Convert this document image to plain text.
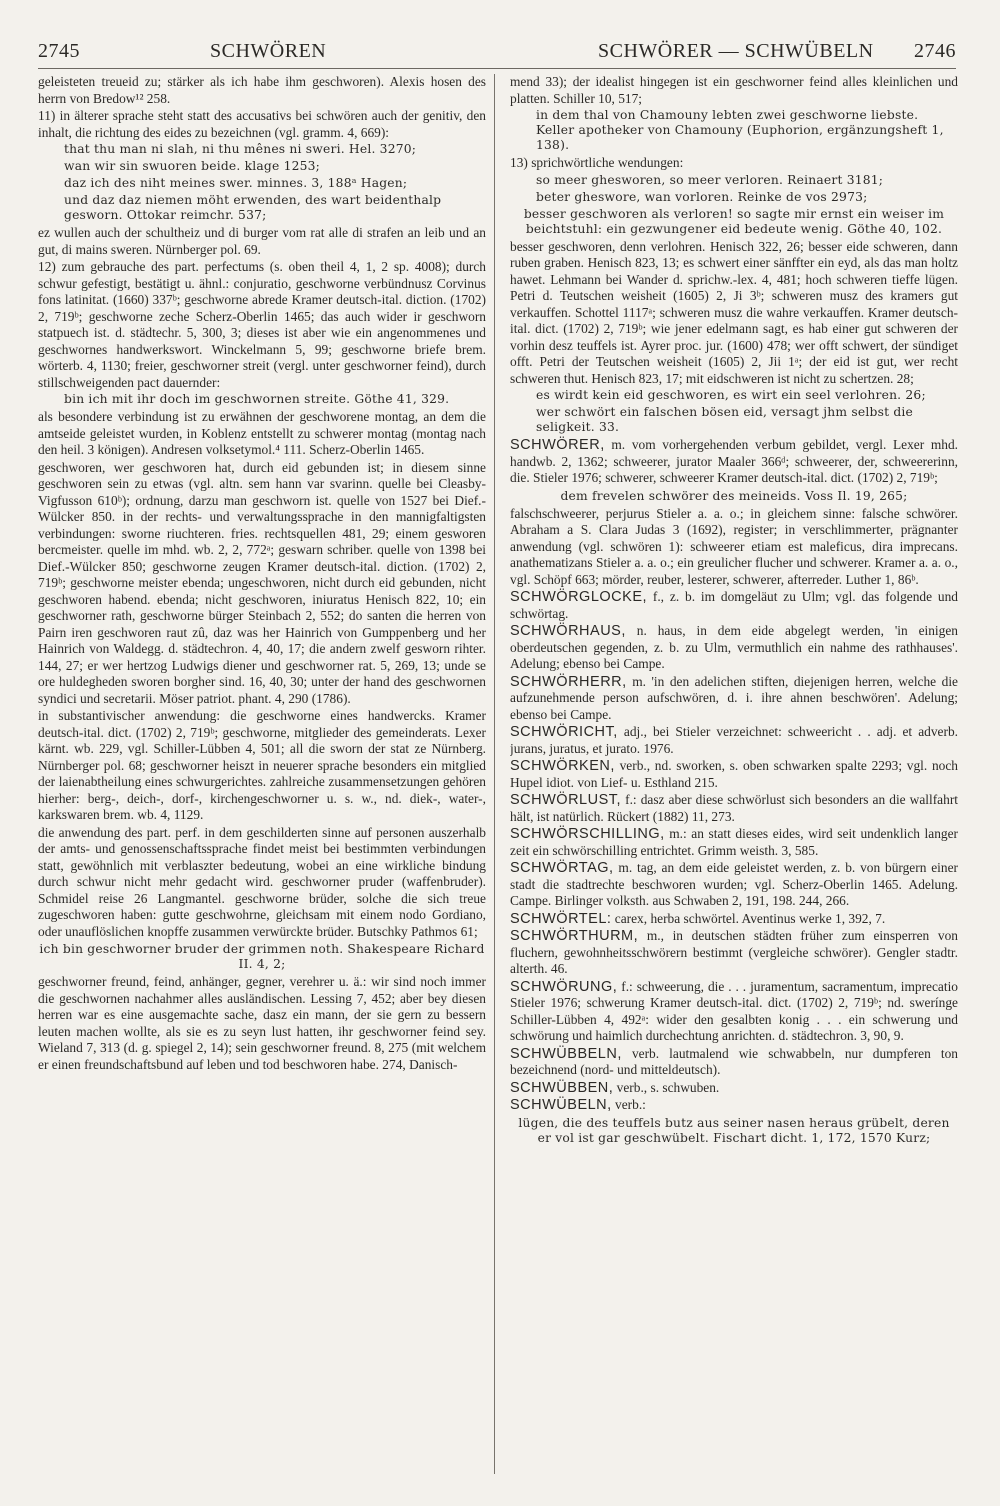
2745	SCHWÖREN	SCHWÖRER — SCHWÜBELN 2746

geleisteten treueid zu; stärker als ich habe ihm geschworen). Alexis hosen des herrn von Bredow¹² 258.

11) in älterer sprache steht statt des accusativs bei schwören auch der genitiv, den inhalt, die richtung des eides zu bezeichnen (vgl. gramm. 4, 669):

that thu man ni slah, ni thu mênes ni sweri. Hel. 3270;

wan wir sin swuoren beide. klage 1253;

daz ich des niht meines swer. minnes. 3, 188ᵃ Hagen;

und daz daz niemen möht erwenden, des wart beidenthalp gesworn. Ottokar reimchr. 537;

ez wullen auch der schultheiz und di burger vom rat alle di strafen an leib und an gut, di mains sweren. Nürnberger pol. 69.

12) zum gebrauche des part. perfectums (s. oben theil 4, 1, 2 sp. 4008); durch schwur gefestigt, bestätigt u. ähnl.: conjuratio, geschworne verbündnusz Corvinus fons latinitat. (1660) 337ᵇ; geschworne abrede Kramer deutsch-ital. diction. (1702) 2, 719ᵇ; geschworne zeche Scherz-Oberlin 1465; das auch wider ir geschworn statpuech ist. d. städtechr. 5, 300, 3; dieses ist aber wie ein angenommenes und geschwornes handwerkswort. Winckelmann 5, 99; geschworne briefe brem. wörterb. 4, 1130; freier, geschworner streit (vergl. unter geschworner feind), durch stillschweigenden pact dauernder:

bin ich mit ihr doch im geschwornen streite. Göthe 41, 329.

als besondere verbindung ist zu erwähnen der geschworene montag, an dem die amtseide geleistet wurden, in Koblenz entstellt zu schwerer montag (montag nach den heil. 3 königen). Andresen volksetymol.⁴ 111. Scherz-Oberlin 1465.

geschworen, wer geschworen hat, durch eid gebunden ist; in diesem sinne geschworen sein zu etwas (vgl. altn. sem hann var svarinn. quelle bei Cleasby-Vigfusson 610ᵇ); ordnung, darzu man geschworn ist. quelle von 1527 bei Dief.-Wülcker 850. in der rechts- und verwaltungssprache in den mannigfaltigsten verbindungen: sworne riuchteren. fries. rechtsquellen 481, 29; einem gesworen bercmeister. quelle im mhd. wb. 2, 2, 772ᵃ; geswarn schriber. quelle von 1398 bei Dief.-Wülcker 850; geschworne zeugen Kramer deutsch-ital. diction. (1702) 2, 719ᵇ; geschworne meister ebenda; ungeschworen, nicht durch eid gebunden, nicht geschworen habend. ebenda; nicht geschworen, iniuratus Henisch 822, 10; ein geschworner rath, geschworne bürger Steinbach 2, 552; do santen die herren von Pairn iren geschworen raut zû, daz was her Hainrich von Gumppenberg und her Hainrich von Waldegg. d. städtechron. 4, 40, 17; die andern zwelf gesworn rihter. 144, 27; er wer hertzog Ludwigs diener und geschworner rat. 5, 269, 13; unde se ore huldegheden sworen borgher sind. 16, 40, 30; unter der hand des geschwornen syndici und secretarii. Möser patriot. phant. 4, 290 (1786).

in substantivischer anwendung: die geschworne eines handwercks. Kramer deutsch-ital. dict. (1702) 2, 719ᵇ; geschworne, mitglieder des gemeinderats. Lexer kärnt. wb. 229, vgl. Schiller-Lübben 4, 501; all die sworn der stat ze Nürnberg. Nürnberger pol. 68; geschworner heiszt in neuerer sprache besonders ein mitglied der laienabtheilung eines schwurgerichtes. zahlreiche zusammensetzungen gehören hierher: berg-, deich-, dorf-, kirchengeschworner u. s. w., nd. diek-, water-, karkswaren brem. wb. 4, 1129.

die anwendung des part. perf. in dem geschilderten sinne auf personen auszerhalb der amts- und genossenschaftssprache findet meist bei bestimmten verbindungen statt, gewöhnlich mit verblaszter bedeutung, wobei an eine wirkliche bindung durch schwur nicht mehr gedacht wird. geschworner pruder (waffenbruder). Schmidel reise 26 Langmantel. geschworne brüder, solche die sich treue zugeschworen haben: gutte geschwohrne, gleichsam mit einem nodo Gordiano, oder unauflöslichen knopffe zusammen verwürckte brüder. Butschky Pathmos 61;

ich bin geschworner bruder der grimmen noth. Shakespeare Richard II. 4, 2;

geschworner freund, feind, anhänger, gegner, verehrer u. ä.: wir sind noch immer die geschwornen nachahmer alles ausländischen. Lessing 7, 452; aber bey diesen herren war es eine ausgemachte sache, dasz ein mann, der sie gern zu bessern leuten machen wollte, als sie es zu seyn lust hatten, ihr geschworner feind sey. Wieland 7, 313 (d. g. spiegel 2, 14); sein geschworner freund. 8, 275 (mit welchem er einen freundschaftsbund auf leben und tod beschworen habe. 274, Danisch-

mend 33); der idealist hingegen ist ein geschworner feind alles kleinlichen und platten. Schiller 10, 517;

in dem thal von Chamouny lebten zwei geschworne liebste. Keller apotheker von Chamouny (Euphorion, ergänzungsheft 1, 138).

13) sprichwörtliche wendungen:

so meer ghesworen, so meer verloren. Reinaert 3181;

beter gheswore, wan vorloren. Reinke de vos 2973;

besser geschworen als verloren! so sagte mir ernst ein weiser im beichtstuhl: ein gezwungener eid bedeute wenig. Göthe 40, 102.

besser geschworen, denn verlohren. Henisch 322, 26; besser eide schweren, dann ruben graben. Henisch 823, 13; es schwert einer sänffter ein eyd, als das man holtz hawet. Lehmann bei Wander d. sprichw.-lex. 4, 481; hoch schweren tieffe lügen. Petri d. Teutschen weisheit (1605) 2, Ji 3ᵇ; schweren musz des kramers gut verkauffen. Schottel 1117ᵃ; schweren musz die wahre verkauffen. Kramer deutsch-ital. dict. (1702) 2, 719ᵇ; wie jener edelmann sagt, es hab einer gut schweren der vorhin desz teuffels ist. Ayrer proc. jur. (1600) 478; wer offt schwert, der sündiget offt. Petri der Teutschen weisheit (1605) 2, Jii 1ᵃ; der eid ist gut, wer recht schweren thut. Henisch 823, 17; mit eidschweren ist nicht zu schertzen. 28;

es wirdt kein eid geschworen, es wirt ein seel verlohren. 26;

wer schwört ein falschen bösen eid, versagt jhm selbst die seligkeit. 33.

SCHWÖRER, m. vom vorhergehenden verbum gebildet, vergl. Lexer mhd. handwb. 2, 1362; schweerer, jurator Maaler 366ᵈ; schweerer, der, schweererinn, die. Stieler 1976; schwerer, schweerer Kramer deutsch-ital. dict. (1702) 2, 719ᵇ;

dem frevelen schwörer des meineids. Voss Il. 19, 265;

falschschweerer, perjurus Stieler a. a. o.; in gleichem sinne: falsche schwörer. Abraham a S. Clara Judas 3 (1692), register; in verschlimmerter, prägnanter anwendung (vgl. schwören 1): schweerer etiam est maleficus, dira imprecans. anathematizans Stieler a. a. o.; ein greulicher flucher und schwerer. Kramer a. a. o., vgl. Schöpf 663; mörder, reuber, lesterer, schwerer, afterreder. Luther 1, 86ᵇ.

SCHWÖRGLOCKE, f., z. b. im domgeläut zu Ulm; vgl. das folgende und schwörtag.

SCHWÖRHAUS, n. haus, in dem eide abgelegt werden, 'in einigen oberdeutschen gegenden, z. b. zu Ulm, vermuthlich ein nahme des rathhauses'. Adelung; ebenso bei Campe.

SCHWÖRHERR, m. 'in den adelichen stiften, diejenigen herren, welche die aufzunehmende person aufschwören, d. i. ihre ahnen beschwören'. Adelung; ebenso bei Campe.

SCHWÖRICHT, adj., bei Stieler verzeichnet: schweericht . . adj. et adverb. jurans, juratus, et jurato. 1976.

SCHWÖRKEN, verb., nd. sworken, s. oben schwarken spalte 2293; vgl. noch Hupel idiot. von Lief- u. Esthland 215.

SCHWÖRLUST, f.: dasz aber diese schwörlust sich besonders an die wallfahrt hält, ist natürlich. Rückert (1882) 11, 273.

SCHWÖRSCHILLING, m.: an statt dieses eides, wird seit undenklich langer zeit ein schwörschilling entrichtet. Grimm weisth. 3, 585.

SCHWÖRTAG, m. tag, an dem eide geleistet werden, z. b. von bürgern einer stadt die stadtrechte beschworen wurden; vgl. Scherz-Oberlin 1465. Adelung. Campe. Birlinger volksth. aus Schwaben 2, 191, 198. 244, 266.

SCHWÖRTEL: carex, herba schwörtel. Aventinus werke 1, 392, 7.

SCHWÖRTHURM, m., in deutschen städten früher zum einsperren von fluchern, gewohnheitsschwörern bestimmt (vergleiche schwörer). Gengler stadtr. alterth. 46.

SCHWÖRUNG, f.: schweerung, die . . . juramentum, sacramentum, imprecatio Stieler 1976; schwerung Kramer deutsch-ital. dict. (1702) 2, 719ᵇ; nd. swerínge Schiller-Lübben 4, 492ᵃ: wider den gesalbten konig . . . ein schwerung und schwörung und haimlich durchechtung anrichten. d. städtechron. 3, 90, 9.

SCHWÜBBELN, verb. lautmalend wie schwabbeln, nur dumpferen ton bezeichnend (nord- und mitteldeutsch).

SCHWÜBBEN, verb., s. schwuben.

SCHWÜBELN, verb.:

lügen, die des teuffels butz aus seiner nasen heraus grübelt, deren er vol ist gar geschwübelt. Fischart dicht. 1, 172, 1570 Kurz;
